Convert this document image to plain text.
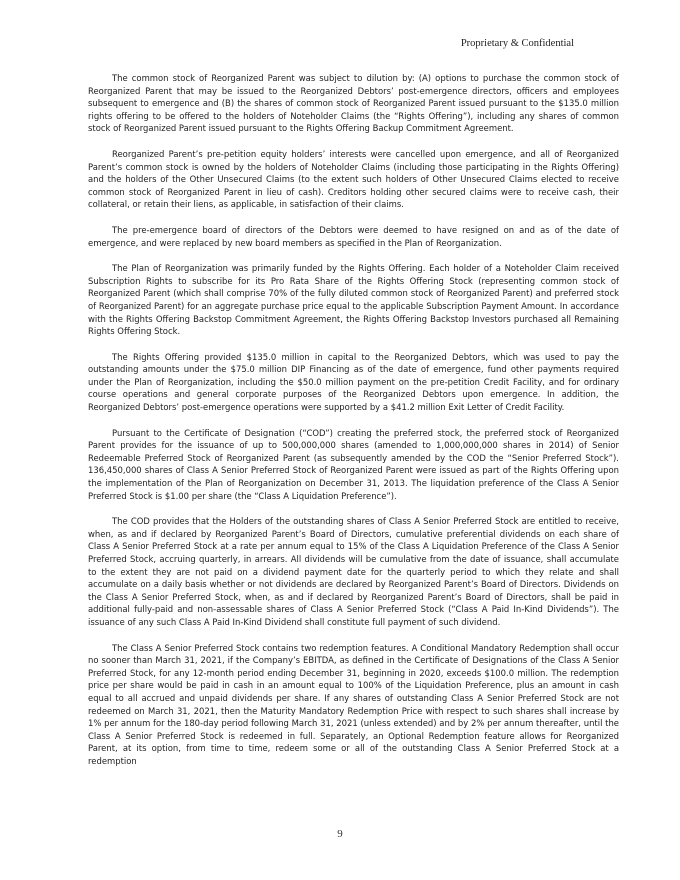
Proprietary & Confidential

The common stock of Reorganized Parent was subject to dilution by: (A) options to purchase the common stock of Reorganized Parent that may be issued to the Reorganized Debtors’ post-emergence directors, officers and employees subsequent to emergence and (B) the shares of common stock of Reorganized Parent issued pursuant to the $135.0 million rights offering to be offered to the holders of Noteholder Claims (the “Rights Offering”), including any shares of common stock of Reorganized Parent issued pursuant to the Rights Offering Backup Commitment Agreement.

Reorganized Parent’s pre-petition equity holders’ interests were cancelled upon emergence, and all of Reorganized Parent’s common stock is owned by the holders of Noteholder Claims (including those participating in the Rights Offering) and the holders of the Other Unsecured Claims (to the extent such holders of Other Unsecured Claims elected to receive common stock of Reorganized Parent in lieu of cash). Creditors holding other secured claims were to receive cash, their collateral, or retain their liens, as applicable, in satisfaction of their claims.

The pre-emergence board of directors of the Debtors were deemed to have resigned on and as of the date of emergence, and were replaced by new board members as specified in the Plan of Reorganization.

The Plan of Reorganization was primarily funded by the Rights Offering. Each holder of a Noteholder Claim received Subscription Rights to subscribe for its Pro Rata Share of the Rights Offering Stock (representing common stock of Reorganized Parent (which shall comprise 70% of the fully diluted common stock of Reorganized Parent) and preferred stock of Reorganized Parent) for an aggregate purchase price equal to the applicable Subscription Payment Amount. In accordance with the Rights Offering Backstop Commitment Agreement, the Rights Offering Backstop Investors purchased all Remaining Rights Offering Stock.

The Rights Offering provided $135.0 million in capital to the Reorganized Debtors, which was used to pay the outstanding amounts under the $75.0 million DIP Financing as of the date of emergence, fund other payments required under the Plan of Reorganization, including the $50.0 million payment on the pre-petition Credit Facility, and for ordinary course operations and general corporate purposes of the Reorganized Debtors upon emergence. In addition, the Reorganized Debtors’ post-emergence operations were supported by a $41.2 million Exit Letter of Credit Facility.

Pursuant to the Certificate of Designation (“COD”) creating the preferred stock, the preferred stock of Reorganized Parent provides for the issuance of up to 500,000,000 shares (amended to 1,000,000,000 shares in 2014) of Senior Redeemable Preferred Stock of Reorganized Parent (as subsequently amended by the COD the “Senior Preferred Stock”). 136,450,000 shares of Class A Senior Preferred Stock of Reorganized Parent were issued as part of the Rights Offering upon the implementation of the Plan of Reorganization on December 31, 2013. The liquidation preference of the Class A Senior Preferred Stock is $1.00 per share (the “Class A Liquidation Preference”).

The COD provides that the Holders of the outstanding shares of Class A Senior Preferred Stock are entitled to receive, when, as and if declared by Reorganized Parent’s Board of Directors, cumulative preferential dividends on each share of Class A Senior Preferred Stock at a rate per annum equal to 15% of the Class A Liquidation Preference of the Class A Senior Preferred Stock, accruing quarterly, in arrears. All dividends will be cumulative from the date of issuance, shall accumulate to the extent they are not paid on a dividend payment date for the quarterly period to which they relate and shall accumulate on a daily basis whether or not dividends are declared by Reorganized Parent’s Board of Directors. Dividends on the Class A Senior Preferred Stock, when, as and if declared by Reorganized Parent’s Board of Directors, shall be paid in additional fully-paid and non-assessable shares of Class A Senior Preferred Stock (“Class A Paid In-Kind Dividends”). The issuance of any such Class A Paid In-Kind Dividend shall constitute full payment of such dividend.

The Class A Senior Preferred Stock contains two redemption features. A Conditional Mandatory Redemption shall occur no sooner than March 31, 2021, if the Company’s EBITDA, as defined in the Certificate of Designations of the Class A Senior Preferred Stock, for any 12-month period ending December 31, beginning in 2020, exceeds $100.0 million. The redemption price per share would be paid in cash in an amount equal to 100% of the Liquidation Preference, plus an amount in cash equal to all accrued and unpaid dividends per share. If any shares of outstanding Class A Senior Preferred Stock are not redeemed on March 31, 2021, then the Maturity Mandatory Redemption Price with respect to such shares shall increase by 1% per annum for the 180-day period following March 31, 2021 (unless extended) and by 2% per annum thereafter, until the Class A Senior Preferred Stock is redeemed in full. Separately, an Optional Redemption feature allows for Reorganized Parent, at its option, from time to time, redeem some or all of the outstanding Class A Senior Preferred Stock at a redemption

9
